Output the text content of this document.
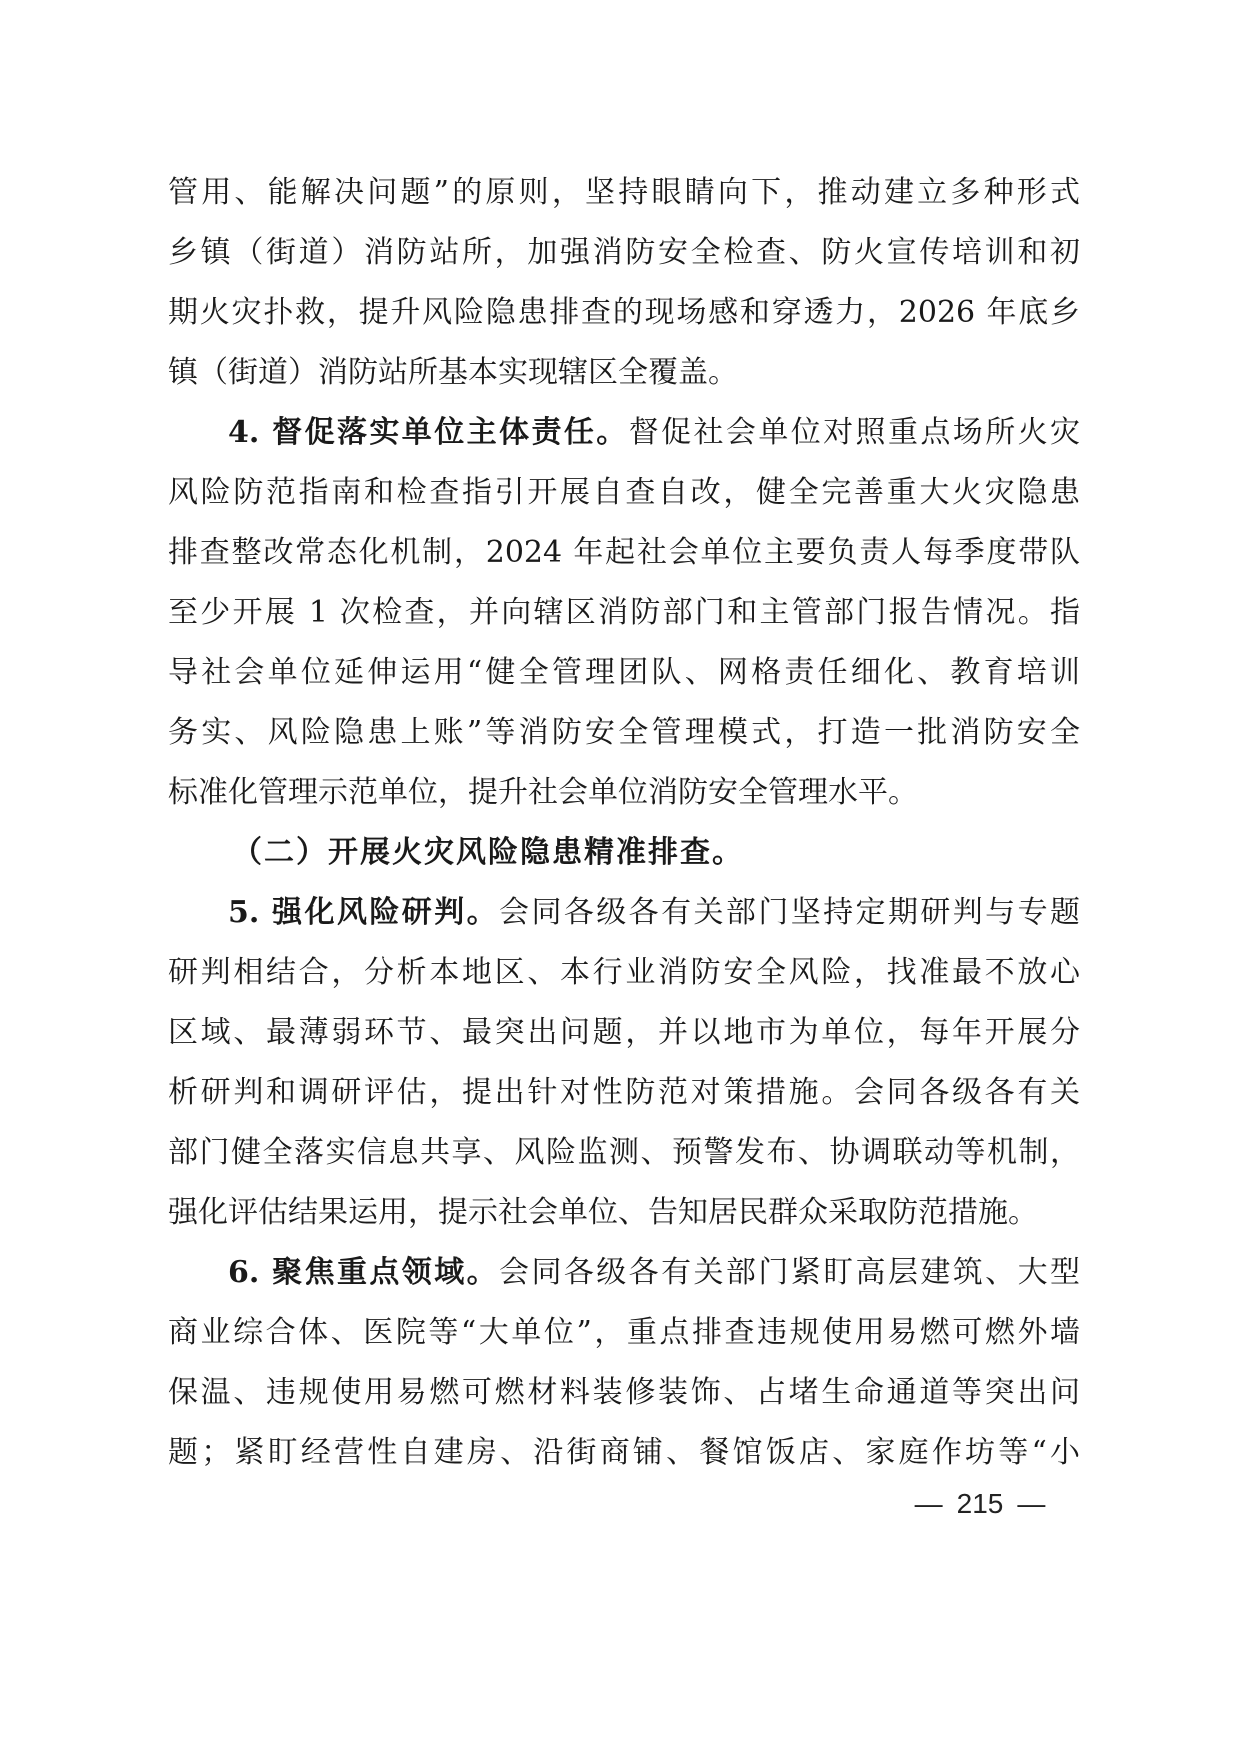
管用、能解决问题”的原则，坚持眼睛向下，推动建立多种形式
乡镇（街道）消防站所，加强消防安全检查、防火宣传培训和初
期火灾扑救，提升风险隐患排查的现场感和穿透力，2026 年底乡
镇（街道）消防站所基本实现辖区全覆盖。
4. 督促落实单位主体责任。督促社会单位对照重点场所火灾
风险防范指南和检查指引开展自查自改，健全完善重大火灾隐患
排查整改常态化机制，2024 年起社会单位主要负责人每季度带队
至少开展 1 次检查，并向辖区消防部门和主管部门报告情况。指
导社会单位延伸运用“健全管理团队、网格责任细化、教育培训
务实、风险隐患上账”等消防安全管理模式，打造一批消防安全
标准化管理示范单位，提升社会单位消防安全管理水平。
（二）开展火灾风险隐患精准排查。
5. 强化风险研判。会同各级各有关部门坚持定期研判与专题
研判相结合，分析本地区、本行业消防安全风险，找准最不放心
区域、最薄弱环节、最突出问题，并以地市为单位，每年开展分
析研判和调研评估，提出针对性防范对策措施。会同各级各有关
部门健全落实信息共享、风险监测、预警发布、协调联动等机制，
强化评估结果运用，提示社会单位、告知居民群众采取防范措施。
6. 聚焦重点领域。会同各级各有关部门紧盯高层建筑、大型
商业综合体、医院等“大单位”，重点排查违规使用易燃可燃外墙
保温、违规使用易燃可燃材料装修装饰、占堵生命通道等突出问
题；紧盯经营性自建房、沿街商铺、餐馆饭店、家庭作坊等“小
— 215 —
